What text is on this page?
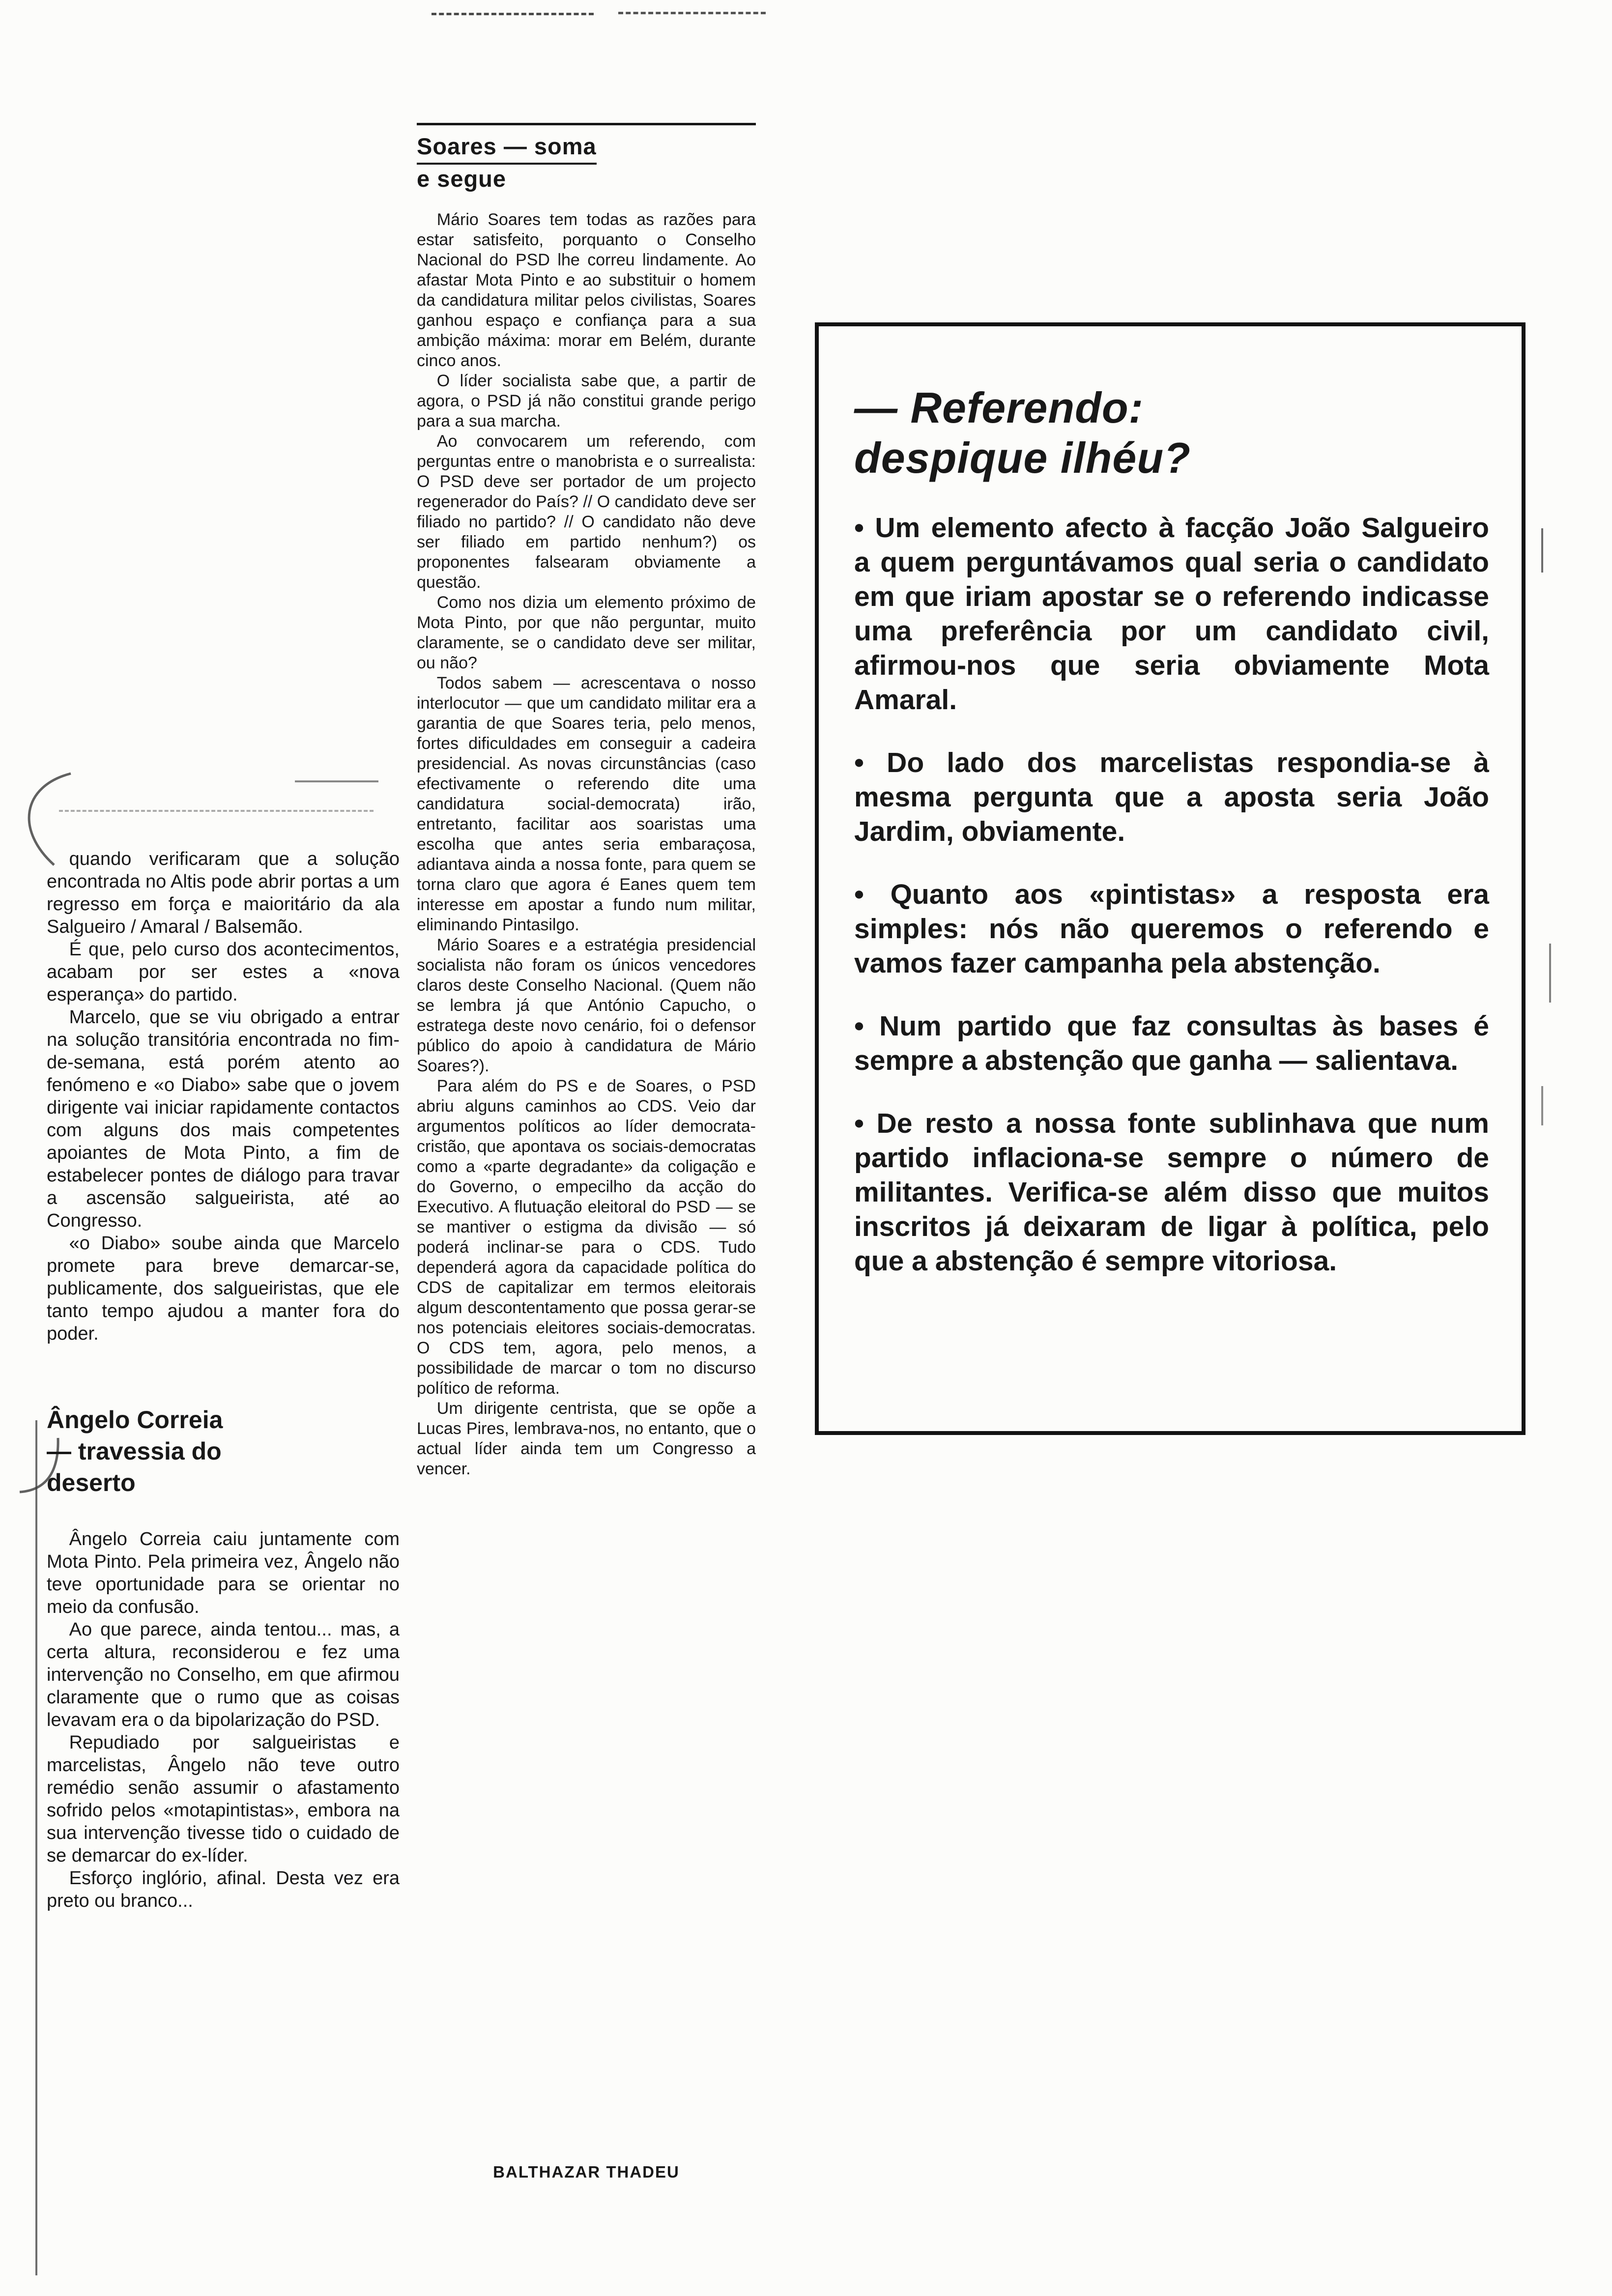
quando verificaram que a solução encontrada no Altis pode abrir portas a um regresso em força e maioritário da ala Salgueiro / Amaral / Balsemão.

É que, pelo curso dos acontecimentos, acabam por ser estes a «nova esperança» do partido.

Marcelo, que se viu obrigado a entrar na solução transitória encontrada no fim-de-semana, está porém atento ao fenómeno e «o Diabo» sabe que o jovem dirigente vai iniciar rapidamente contactos com alguns dos mais competentes apoiantes de Mota Pinto, a fim de estabelecer pontes de diálogo para travar a ascensão salgueirista, até ao Congresso.

«o Diabo» soube ainda que Marcelo promete para breve demarcar-se, publicamente, dos salgueiristas, que ele tanto tempo ajudou a manter fora do poder.

Ângelo Correia
— travessia do
deserto

Ângelo Correia caiu juntamente com Mota Pinto. Pela primeira vez, Ângelo não teve oportunidade para se orientar no meio da confusão.

Ao que parece, ainda tentou... mas, a certa altura, reconsiderou e fez uma intervenção no Conselho, em que afirmou claramente que o rumo que as coisas levavam era o da bipolarização do PSD.

Repudiado por salgueiristas e marcelistas, Ângelo não teve outro remédio senão assumir o afastamento sofrido pelos «motapintistas», embora na sua intervenção tivesse tido o cuidado de se demarcar do ex-líder.

Esforço inglório, afinal. Desta vez era preto ou branco...

Soares — soma
e segue

Mário Soares tem todas as razões para estar satisfeito, porquanto o Conselho Nacional do PSD lhe correu lindamente. Ao afastar Mota Pinto e ao substituir o homem da candidatura militar pelos civilistas, Soares ganhou espaço e confiança para a sua ambição máxima: morar em Belém, durante cinco anos.

O líder socialista sabe que, a partir de agora, o PSD já não constitui grande perigo para a sua marcha.

Ao convocarem um referendo, com perguntas entre o manobrista e o surrealista: O PSD deve ser portador de um projecto regenerador do País? // O candidato deve ser filiado no partido? // O candidato não deve ser filiado em partido nenhum?) os proponentes falsearam obviamente a questão.

Como nos dizia um elemento próximo de Mota Pinto, por que não perguntar, muito claramente, se o candidato deve ser militar, ou não?

Todos sabem — acrescentava o nosso interlocutor — que um candidato militar era a garantia de que Soares teria, pelo menos, fortes dificuldades em conseguir a cadeira presidencial. As novas circunstâncias (caso efectivamente o referendo dite uma candidatura social-democrata) irão, entretanto, facilitar aos soaristas uma escolha que antes seria embaraçosa, adiantava ainda a nossa fonte, para quem se torna claro que agora é Eanes quem tem interesse em apostar a fundo num militar, eliminando Pintasilgo.

Mário Soares e a estratégia presidencial socialista não foram os únicos vencedores claros deste Conselho Nacional. (Quem não se lembra já que António Capucho, o estratega deste novo cenário, foi o defensor público do apoio à candidatura de Mário Soares?).

Para além do PS e de Soares, o PSD abriu alguns caminhos ao CDS. Veio dar argumentos políticos ao líder democrata-cristão, que apontava os sociais-democratas como a «parte degradante» da coligação e do Governo, o empecilho da acção do Executivo. A flutuação eleitoral do PSD — se se mantiver o estigma da divisão — só poderá inclinar-se para o CDS. Tudo dependerá agora da capacidade política do CDS de capitalizar em termos eleitorais algum descontentamento que possa gerar-se nos potenciais eleitores sociais-democratas. O CDS tem, agora, pelo menos, a possibilidade de marcar o tom no discurso político de reforma.

Um dirigente centrista, que se opõe a Lucas Pires, lembrava-nos, no entanto, que o actual líder ainda tem um Congresso a vencer.

BALTHAZAR THADEU
— Referendo:
despique ilhéu?

• Um elemento afecto à facção João Salgueiro a quem perguntávamos qual seria o candidato em que iriam apostar se o referendo indicasse uma preferência por um candidato civil, afirmou-nos que seria obviamente Mota Amaral.

• Do lado dos marcelistas respondia-se à mesma pergunta que a aposta seria João Jardim, obviamente.

• Quanto aos «pintistas» a resposta era simples: nós não queremos o referendo e vamos fazer campanha pela abstenção.

• Num partido que faz consultas às bases é sempre a abstenção que ganha — salientava.

• De resto a nossa fonte sublinhava que num partido inflaciona-se sempre o número de militantes. Verifica-se além disso que muitos inscritos já deixaram de ligar à política, pelo que a abstenção é sempre vitoriosa.
